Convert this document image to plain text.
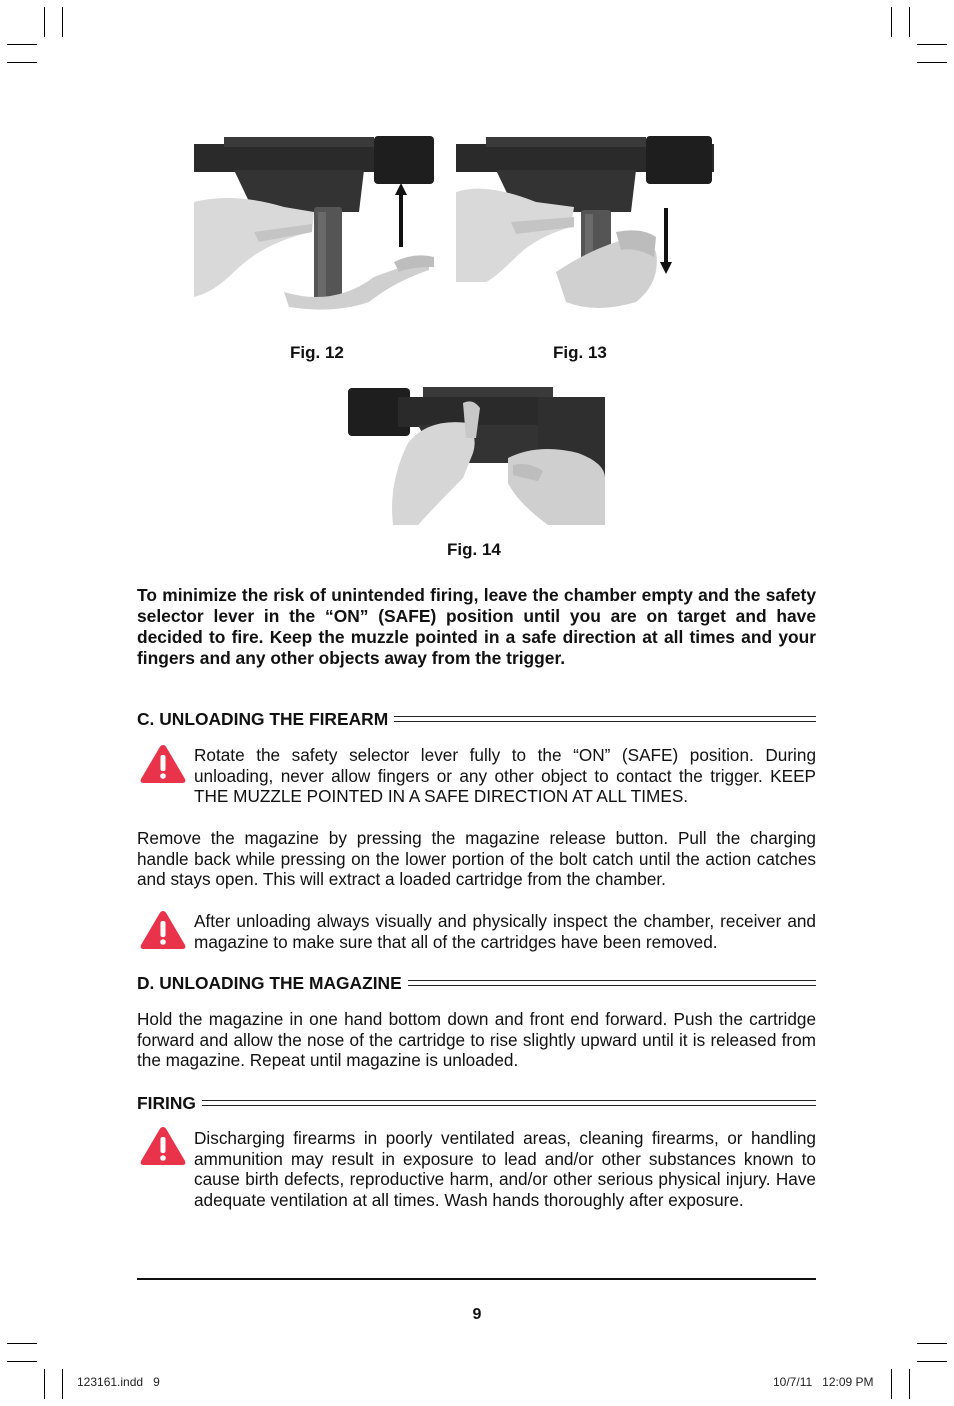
Fig. 12	Fig. 13
Fig. 14
To minimize the risk of unintended firing, leave the chamber empty and the safety selector lever in the “ON” (SAFE) position until you are on target and have decided to fire. Keep the muzzle pointed in a safe direction at all times and your fingers and any other objects away from the trigger.
C. UNLOADING THE FIREARM
Rotate the safety selector lever fully to the “ON” (SAFE) position. During unloading, never allow fingers or any other object to contact the trigger. KEEP THE MUZZLE POINTED IN A SAFE DIRECTION AT ALL TIMES.
Remove the magazine by pressing the magazine release button. Pull the charging handle back while pressing on the lower portion of the bolt catch until the action catches and stays open. This will extract a loaded cartridge from the chamber.
After unloading always visually and physically inspect the chamber, receiver and magazine to make sure that all of the cartridges have been removed.
D. UNLOADING THE MAGAZINE
Hold the magazine in one hand bottom down and front end forward. Push the cartridge forward and allow the nose of the cartridge to rise slightly upward until it is released from the magazine. Repeat until magazine is unloaded.
FIRING
Discharging firearms in poorly ventilated areas, cleaning firearms, or handling ammunition may result in exposure to lead and/or other substances known to cause birth defects, reproductive harm, and/or other serious physical injury. Have adequate ventilation at all times. Wash hands thoroughly after exposure.
9
123161.indd   9	10/7/11   12:09 PM
